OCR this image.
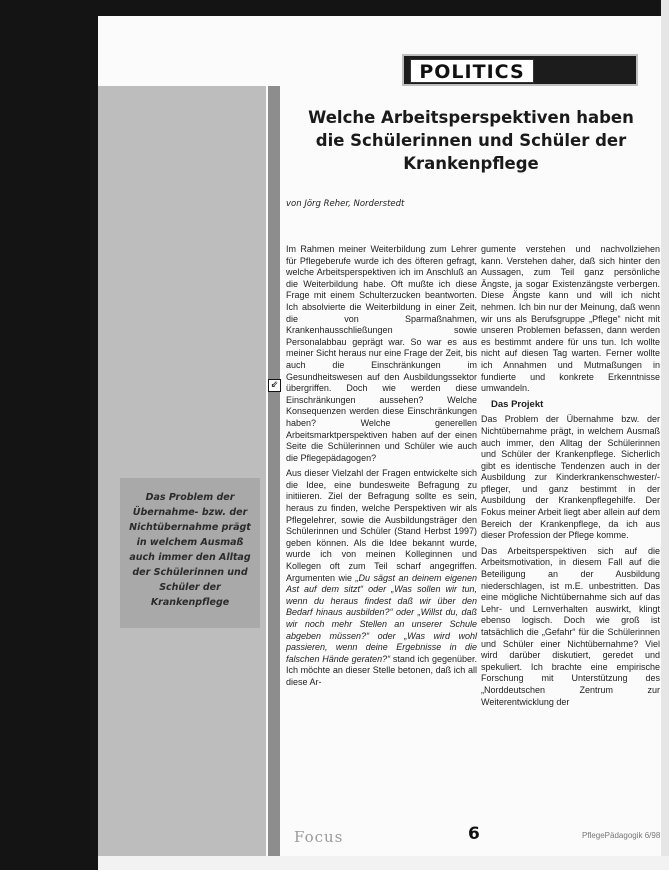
POLITICS
Welche Arbeitsperspektiven haben
die Schülerinnen und Schüler der
Krankenpflege
von Jörg Reher, Norderstedt

Im Rahmen meiner Weiterbildung zum Lehrer für Pflegeberufe wurde ich des öfteren gefragt, welche Arbeitsperspektiven ich im Anschluß an die Weiterbildung habe. Oft mußte ich diese Frage mit einem Schulterzucken beantworten. Ich absolvierte die Weiterbildung in einer Zeit, die von Sparmaßnahmen, Krankenhausschließungen sowie Personalabbau geprägt war. So war es aus meiner Sicht heraus nur eine Frage der Zeit, bis auch die Einschränkungen im Gesundheitswesen auf den Ausbildungssektor übergriffen. Doch wie werden diese Einschränkungen aussehen? Welche Konsequenzen werden diese Einschränkungen haben? Welche generellen Arbeitsmarktperspektiven haben auf der einen Seite die Schülerinnen und Schüler wie auch die Pflegepädagogen?

Aus dieser Vielzahl der Fragen entwickelte sich die Idee, eine bundesweite Befragung zu initiieren. Ziel der Befragung sollte es sein, heraus zu finden, welche Perspektiven wir als Pflegelehrer, sowie die Ausbildungsträger den Schülerinnen und Schüler (Stand Herbst 1997) geben können. Als die Idee bekannt wurde, wurde ich von meinen Kolleginnen und Kollegen oft zum Teil scharf angegriffen. Argumenten wie „Du sägst an deinem eigenen Ast auf dem sitzt“ oder „Was sollen wir tun, wenn du heraus findest daß wir über den Bedarf hinaus ausbilden?“ oder „Willst du, daß wir noch mehr Stellen an unserer Schule abgeben müssen?“ oder „Was wird wohl passieren, wenn deine Ergebnisse in die falschen Hände geraten?“ stand ich gegenüber. Ich möchte an dieser Stelle betonen, daß ich all diese Ar-

gumente verstehen und nachvollziehen kann. Verstehen daher, daß sich hinter den Aussagen, zum Teil ganz persönliche Ängste, ja sogar Existenzängste verbergen. Diese Ängste kann und will ich nicht nehmen. Ich bin nur der Meinung, daß wenn wir uns als Berufsgruppe „Pflege“ nicht mit unseren Problemen befassen, dann werden es bestimmt andere für uns tun. Ich wollte nicht auf diesen Tag warten. Ferner wollte ich Annahmen und Mutmaßungen in fundierte und konkrete Erkenntnisse umwandeln.

Das Projekt

Das Problem der Übernahme bzw. der Nichtübernahme prägt, in welchem Ausmaß auch immer, den Alltag der Schülerinnen und Schüler der Krankenpflege. Sicherlich gibt es identische Tendenzen auch in der Ausbildung zur Kinderkrankenschwester/-pfleger, und ganz bestimmt in der Ausbildung der Krankenpflegehilfe. Der Fokus meiner Arbeit liegt aber allein auf dem Bereich der Krankenpflege, da ich aus dieser Profession der Pflege komme.

Das Arbeitsperspektiven sich auf die Arbeitsmotivation, in diesem Fall auf die Beteiligung an der Ausbildung niederschlagen, ist m.E. unbestritten. Das eine mögliche Nichtübernahme sich auf das Lehr- und Lernverhalten auswirkt, klingt ebenso logisch. Doch wie groß ist tatsächlich die „Gefahr“ für die Schülerinnen und Schüler einer Nichtübernahme? Viel wird darüber diskutiert, geredet und spekuliert. Ich brachte eine empirische Forschung mit Unterstützung des „Norddeutschen Zentrum zur Weiterentwicklung der

⇙
Das Problem der Übernahme- bzw. der Nichtübernahme prägt in welchem Ausmaß auch immer den Alltag der Schülerinnen und Schüler der Krankenpflege
Focus	6	PflegePädagogik 6/98
